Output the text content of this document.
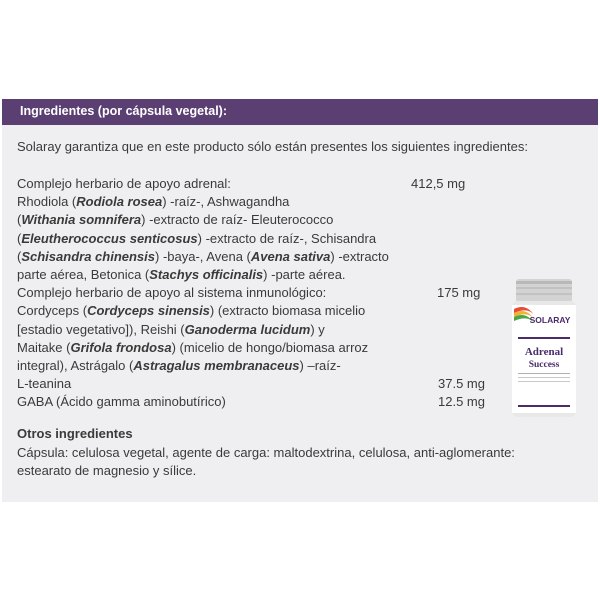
Ingredientes (por cápsula vegetal):
Solaray garantiza que en este producto sólo están presentes los siguientes ingredientes:
Complejo herbario de apoyo adrenal:	412,5 mg
Rhodiola (Rodiola rosea) -raíz-, Ashwagandha
(Withania somnifera) -extracto de raíz- Eleuterococco
(Eleutherococcus senticosus) -extracto de raíz-, Schisandra
(Schisandra chinensis) -baya-, Avena (Avena sativa) -extracto
parte aérea, Betonica (Stachys officinalis) -parte aérea.
Complejo herbario de apoyo al sistema inmunológico:	175 mg
Cordyceps (Cordyceps sinensis) (extracto biomasa micelio
[estadio vegetativo]), Reishi (Ganoderma lucidum) y
Maitake (Grifola frondosa) (micelio de hongo/biomasa arroz
integral), Astrágalo (Astragalus membranaceus) –raíz-
L-teanina	37.5 mg
GABA (Ácido gamma aminobutírico)	12.5 mg
Otros ingredientes
Cápsula: celulosa vegetal, agente de carga: maltodextrina, celulosa, anti-aglomerante: estearato de magnesio y sílice.
SOLARAY
Adrenal
Success
